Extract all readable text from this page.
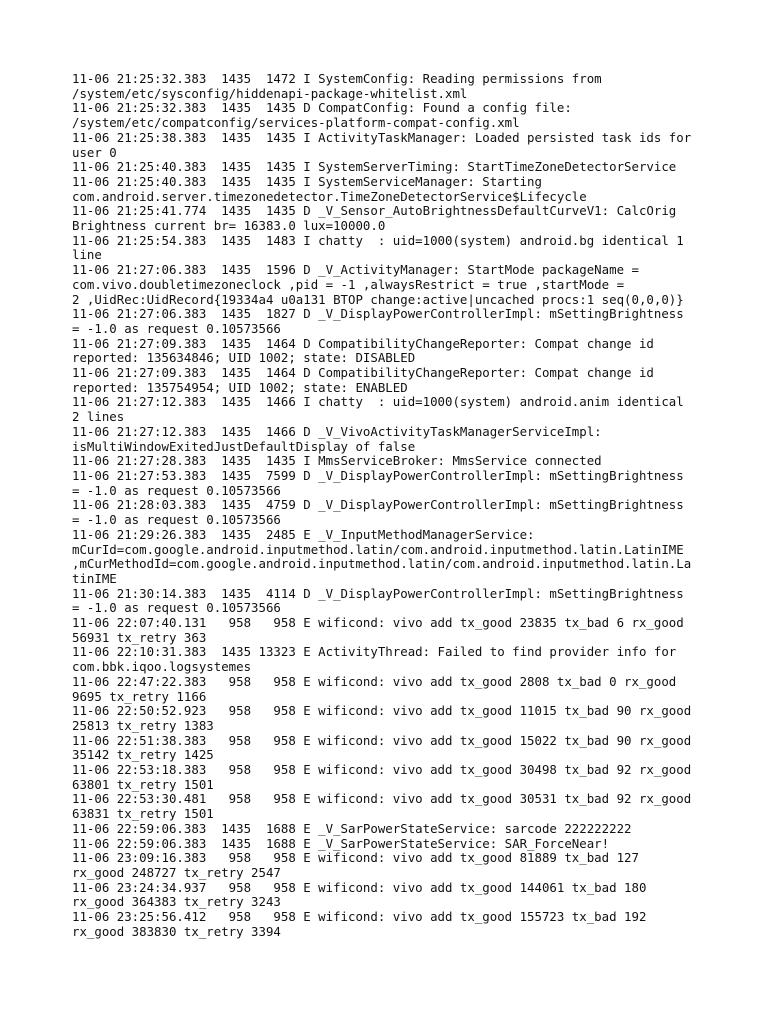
11-06 21:25:32.383  1435  1472 I SystemConfig: Reading permissions from

/system/etc/sysconfig/hiddenapi-package-whitelist.xml

11-06 21:25:32.383  1435  1435 D CompatConfig: Found a config file:

/system/etc/compatconfig/services-platform-compat-config.xml

11-06 21:25:38.383  1435  1435 I ActivityTaskManager: Loaded persisted task ids for

user 0

11-06 21:25:40.383  1435  1435 I SystemServerTiming: StartTimeZoneDetectorService

11-06 21:25:40.383  1435  1435 I SystemServiceManager: Starting

com.android.server.timezonedetector.TimeZoneDetectorService$Lifecycle

11-06 21:25:41.774  1435  1435 D _V_Sensor_AutoBrightnessDefaultCurveV1: CalcOrig

Brightness current br= 16383.0 lux=10000.0

11-06 21:25:54.383  1435  1483 I chatty  : uid=1000(system) android.bg identical 1

line

11-06 21:27:06.383  1435  1596 D _V_ActivityManager: StartMode packageName =

com.vivo.doubletimezoneclock ,pid = -1 ,alwaysRestrict = true ,startMode =

2 ,UidRec:UidRecord{19334a4 u0a131 BTOP change:active|uncached procs:1 seq(0,0,0)}

11-06 21:27:06.383  1435  1827 D _V_DisplayPowerControllerImpl: mSettingBrightness

= -1.0 as request 0.10573566

11-06 21:27:09.383  1435  1464 D CompatibilityChangeReporter: Compat change id

reported: 135634846; UID 1002; state: DISABLED

11-06 21:27:09.383  1435  1464 D CompatibilityChangeReporter: Compat change id

reported: 135754954; UID 1002; state: ENABLED

11-06 21:27:12.383  1435  1466 I chatty  : uid=1000(system) android.anim identical

2 lines

11-06 21:27:12.383  1435  1466 D _V_VivoActivityTaskManagerServiceImpl:

isMultiWindowExitedJustDefaultDisplay of false

11-06 21:27:28.383  1435  1435 I MmsServiceBroker: MmsService connected

11-06 21:27:53.383  1435  7599 D _V_DisplayPowerControllerImpl: mSettingBrightness

= -1.0 as request 0.10573566

11-06 21:28:03.383  1435  4759 D _V_DisplayPowerControllerImpl: mSettingBrightness

= -1.0 as request 0.10573566

11-06 21:29:26.383  1435  2485 E _V_InputMethodManagerService:

mCurId=com.google.android.inputmethod.latin/com.android.inputmethod.latin.LatinIME

,mCurMethodId=com.google.android.inputmethod.latin/com.android.inputmethod.latin.La

tinIME

11-06 21:30:14.383  1435  4114 D _V_DisplayPowerControllerImpl: mSettingBrightness

= -1.0 as request 0.10573566

11-06 22:07:40.131   958   958 E wificond: vivo add tx_good 23835 tx_bad 6 rx_good

56931 tx_retry 363

11-06 22:10:31.383  1435 13323 E ActivityThread: Failed to find provider info for

com.bbk.iqoo.logsystemes

11-06 22:47:22.383   958   958 E wificond: vivo add tx_good 2808 tx_bad 0 rx_good

9695 tx_retry 1166

11-06 22:50:52.923   958   958 E wificond: vivo add tx_good 11015 tx_bad 90 rx_good

25813 tx_retry 1383

11-06 22:51:38.383   958   958 E wificond: vivo add tx_good 15022 tx_bad 90 rx_good

35142 tx_retry 1425

11-06 22:53:18.383   958   958 E wificond: vivo add tx_good 30498 tx_bad 92 rx_good

63801 tx_retry 1501

11-06 22:53:30.481   958   958 E wificond: vivo add tx_good 30531 tx_bad 92 rx_good

63831 tx_retry 1501

11-06 22:59:06.383  1435  1688 E _V_SarPowerStateService: sarcode 222222222

11-06 22:59:06.383  1435  1688 E _V_SarPowerStateService: SAR_ForceNear!

11-06 23:09:16.383   958   958 E wificond: vivo add tx_good 81889 tx_bad 127

rx_good 248727 tx_retry 2547

11-06 23:24:34.937   958   958 E wificond: vivo add tx_good 144061 tx_bad 180

rx_good 364383 tx_retry 3243

11-06 23:25:56.412   958   958 E wificond: vivo add tx_good 155723 tx_bad 192

rx_good 383830 tx_retry 3394
